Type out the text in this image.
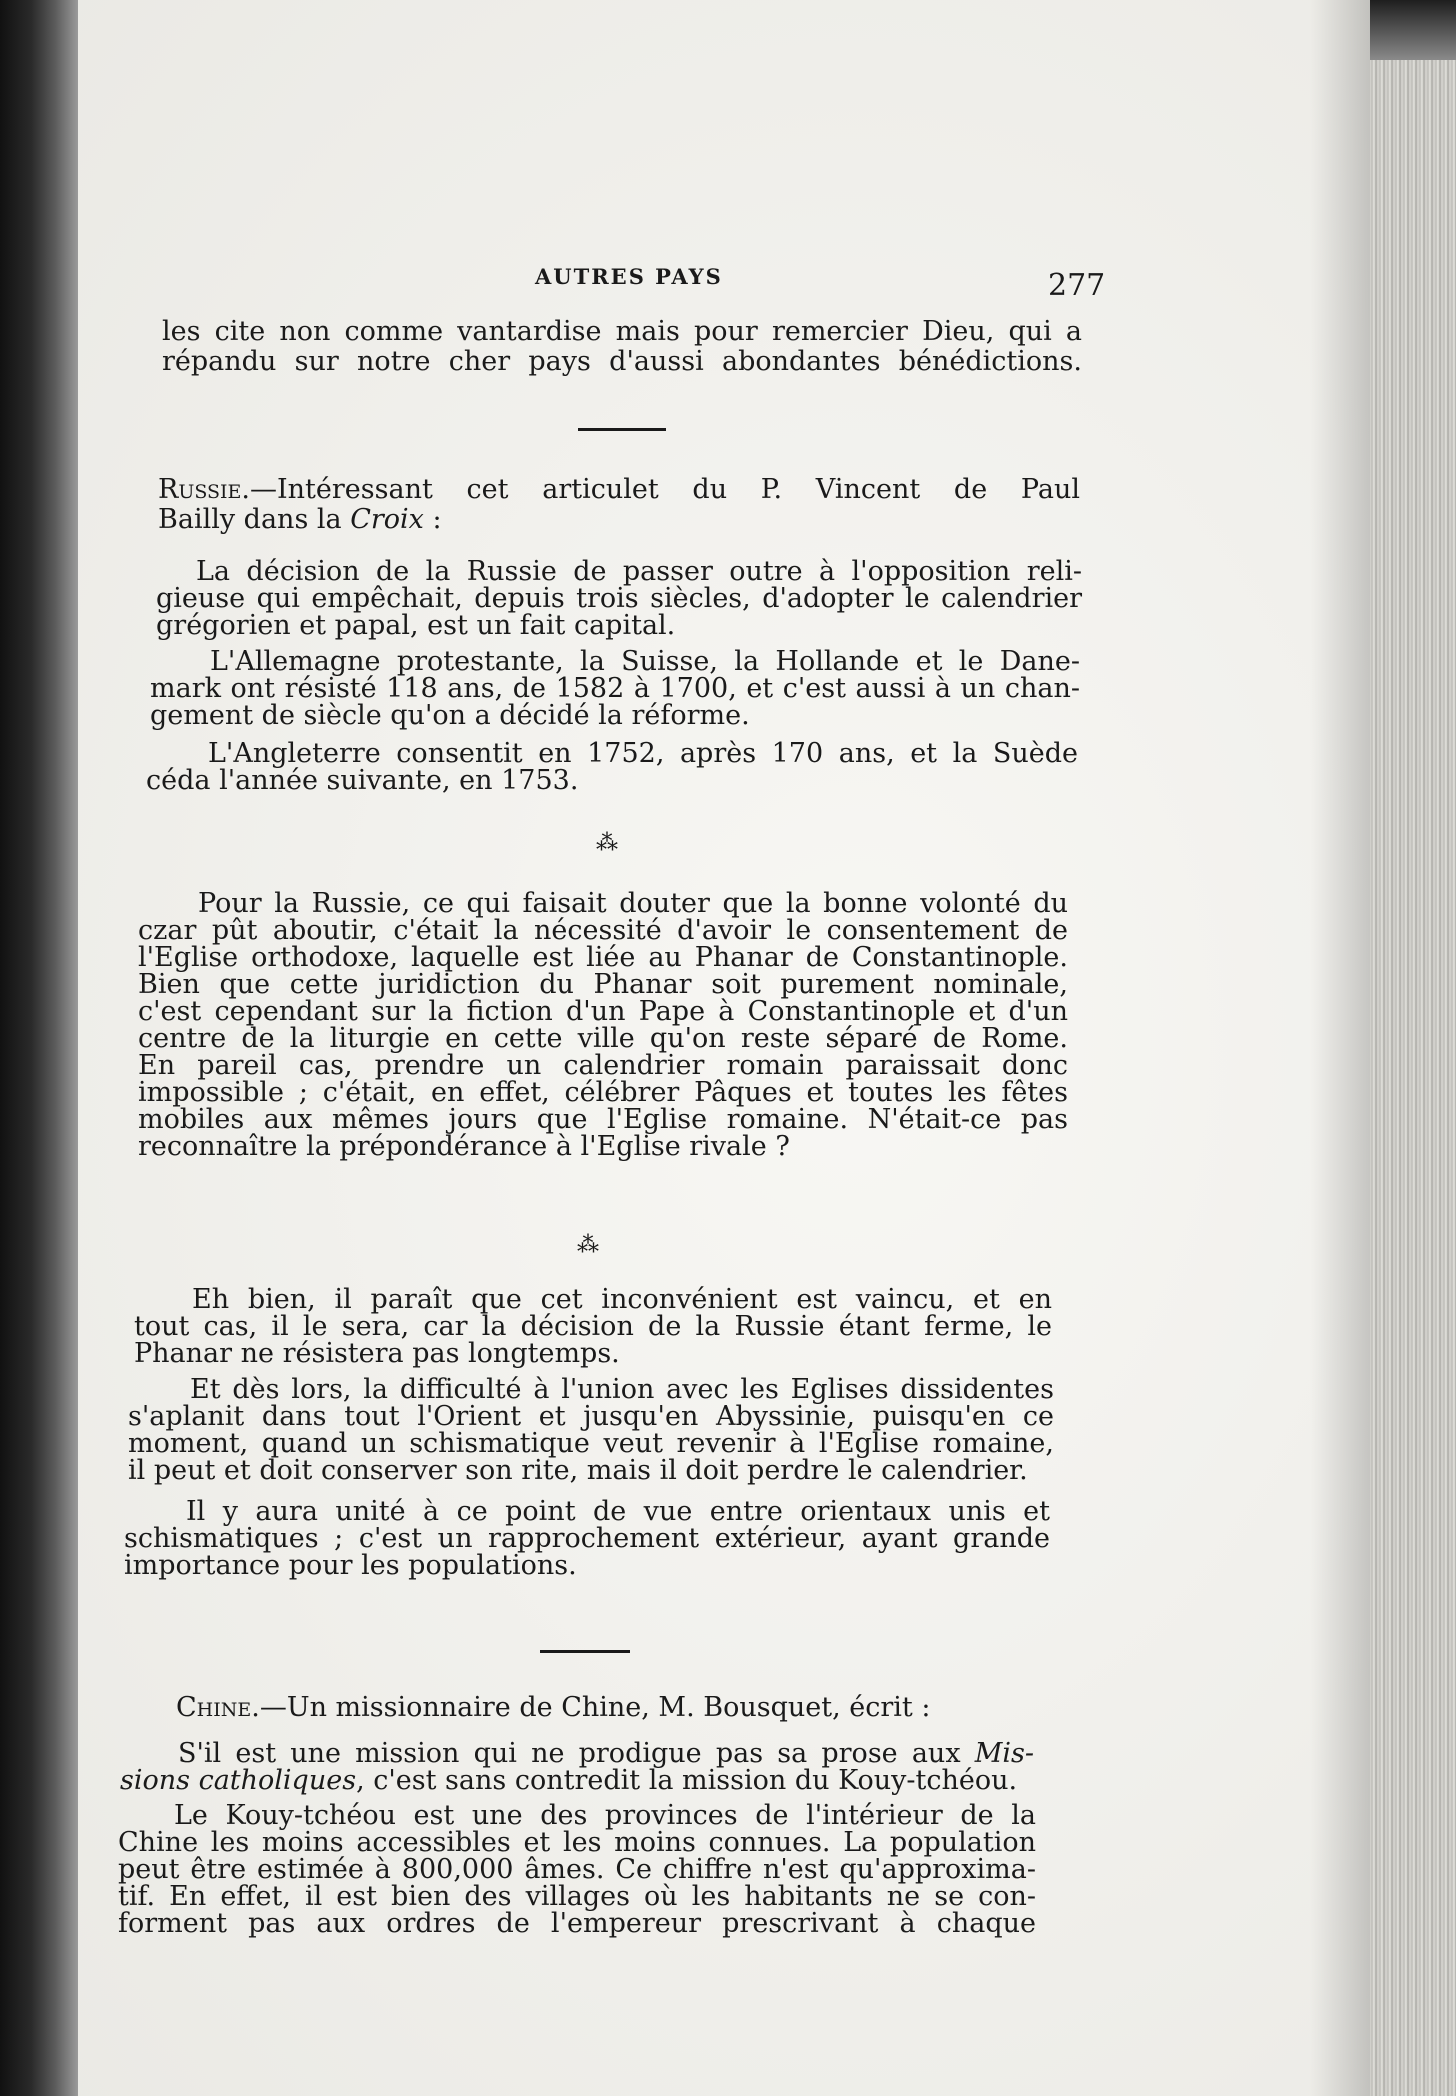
AUTRES PAYS	277
les cite non comme vantardise mais pour remercier Dieu, qui a
répandu sur notre cher pays d'aussi abondantes bénédictions.
Russie.—Intéressant cet articulet du P. Vincent de Paul
Bailly dans la Croix :
La décision de la Russie de passer outre à l'opposition reli-
gieuse qui empêchait, depuis trois siècles, d'adopter le calendrier
grégorien et papal, est un fait capital.
L'Allemagne protestante, la Suisse, la Hollande et le Dane-
mark ont résisté 118 ans, de 1582 à 1700, et c'est aussi à un chan-
gement de siècle qu'on a décidé la réforme.
L'Angleterre consentit en 1752, après 170 ans, et la Suède
céda l'année suivante, en 1753.
⁂
Pour la Russie, ce qui faisait douter que la bonne volonté du
czar pût aboutir, c'était la nécessité d'avoir le consentement de
l'Eglise orthodoxe, laquelle est liée au Phanar de Constantinople.
Bien que cette juridiction du Phanar soit purement nominale,
c'est cependant sur la fiction d'un Pape à Constantinople et d'un
centre de la liturgie en cette ville qu'on reste séparé de Rome.
En pareil cas, prendre un calendrier romain paraissait donc
impossible ; c'était, en effet, célébrer Pâques et toutes les fêtes
mobiles aux mêmes jours que l'Eglise romaine. N'était-ce pas
reconnaître la prépondérance à l'Eglise rivale ?
⁂
Eh bien, il paraît que cet inconvénient est vaincu, et en
tout cas, il le sera, car la décision de la Russie étant ferme, le
Phanar ne résistera pas longtemps.
Et dès lors, la difficulté à l'union avec les Eglises dissidentes
s'aplanit dans tout l'Orient et jusqu'en Abyssinie, puisqu'en ce
moment, quand un schismatique veut revenir à l'Eglise romaine,
il peut et doit conserver son rite, mais il doit perdre le calendrier.
Il y aura unité à ce point de vue entre orientaux unis et
schismatiques ; c'est un rapprochement extérieur, ayant grande
importance pour les populations.
Chine.—Un missionnaire de Chine, M. Bousquet, écrit :
S'il est une mission qui ne prodigue pas sa prose aux Mis-
sions catholiques, c'est sans contredit la mission du Kouy-tchéou.
Le Kouy-tchéou est une des provinces de l'intérieur de la
Chine les moins accessibles et les moins connues. La population
peut être estimée à 800,000 âmes. Ce chiffre n'est qu'approxima-
tif. En effet, il est bien des villages où les habitants ne se con-
forment pas aux ordres de l'empereur prescrivant à chaque
